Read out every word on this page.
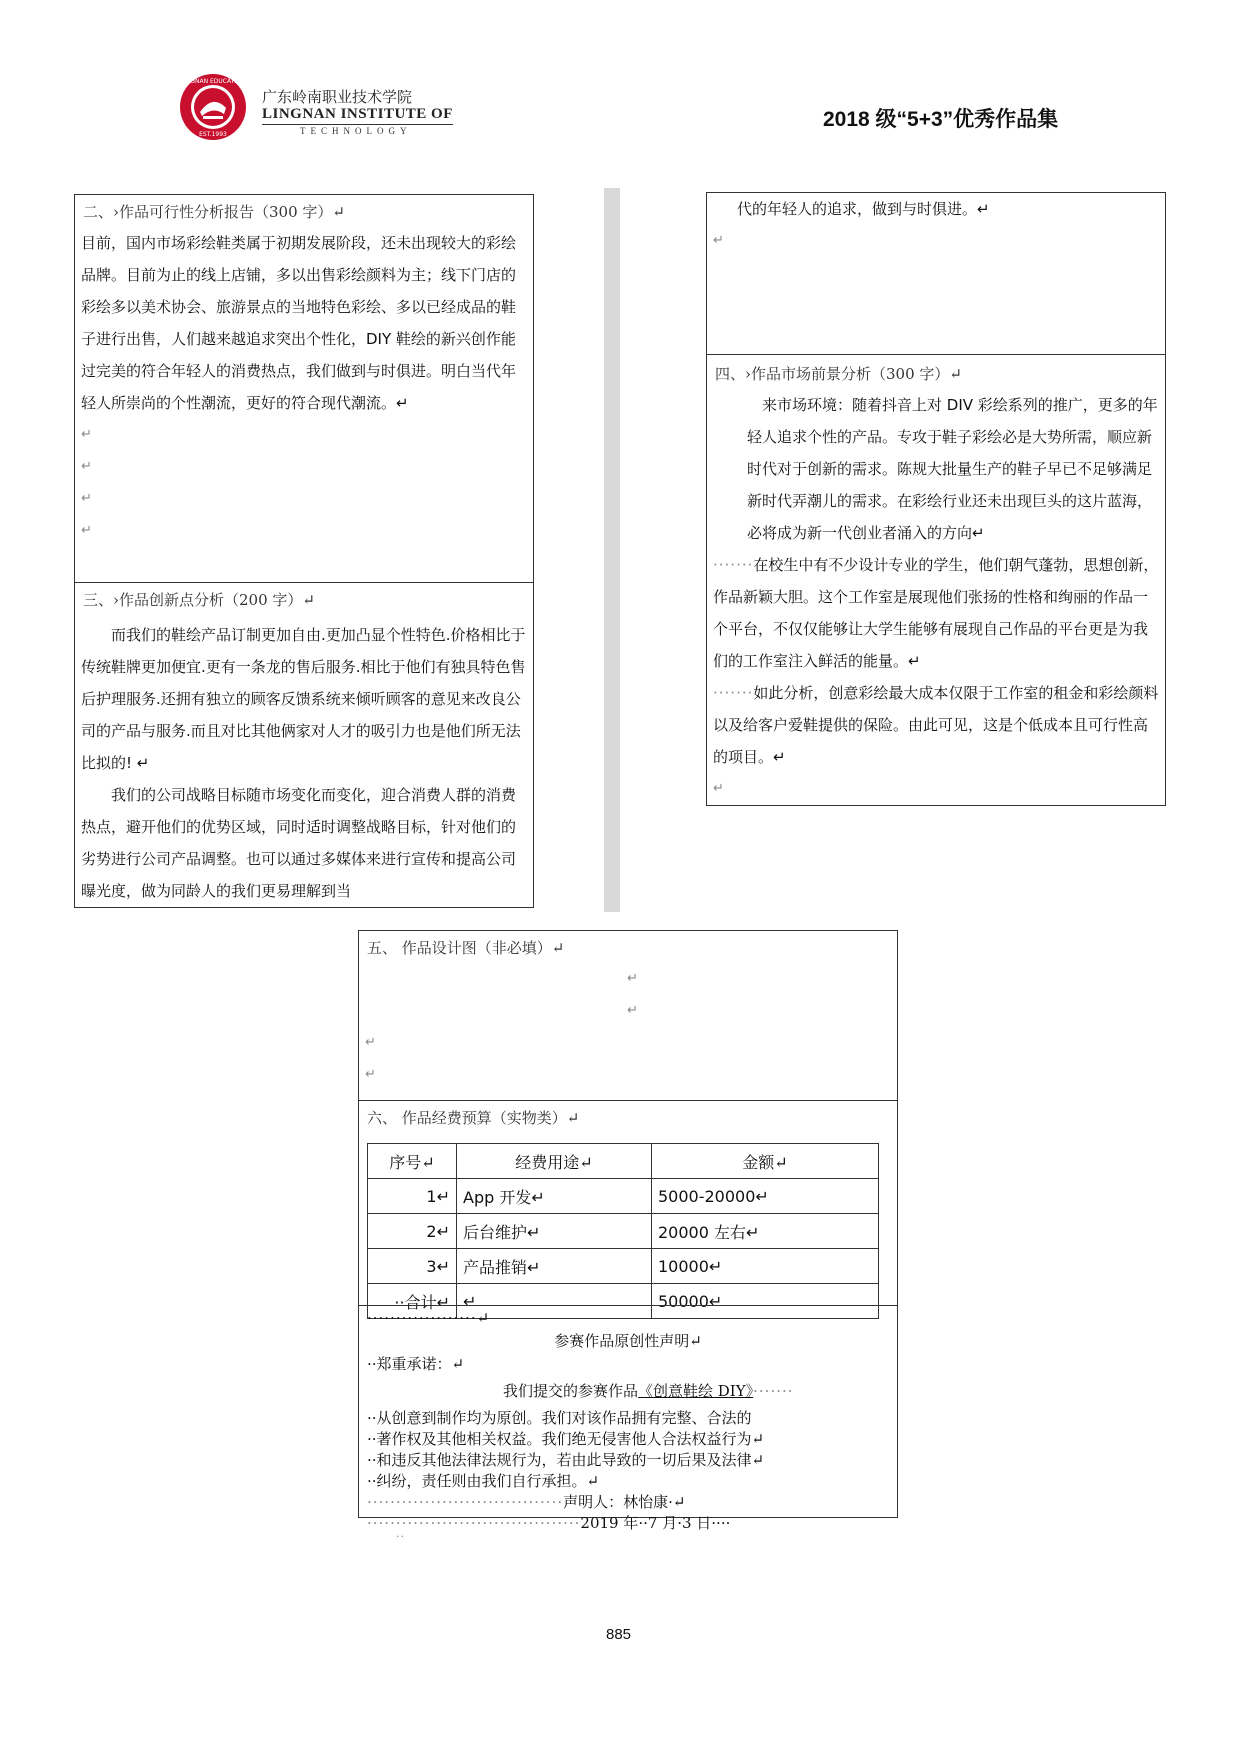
LINGNAN EDUCATION
EST.1993
广东岭南职业技术学院
LINGNAN INSTITUTE OF
TECHNOLOGY	2018 级“5+3”优秀作品集
二、›作品可行性分析报告（300 字）↵

目前，国内市场彩绘鞋类属于初期发展阶段，还未出现较大的彩绘品牌。目前为止的线上店铺，多以出售彩绘颜料为主；线下门店的彩绘多以美术协会、旅游景点的当地特色彩绘、多以已经成品的鞋子进行出售，人们越来越追求突出个性化，DIY 鞋绘的新兴创作能过完美的符合年轻人的消费热点，我们做到与时俱进。明白当代年轻人所崇尚的个性潮流，更好的符合现代潮流。↵

↵
↵
↵
↵
三、›作品创新点分析（200 字）↵

而我们的鞋绘产品订制更加自由.更加凸显个性特色.价格相比于传统鞋牌更加便宜.更有一条龙的售后服务.相比于他们有独具特色售后护理服务.还拥有独立的顾客反馈系统来倾听顾客的意见来改良公司的产品与服务.而且对比其他俩家对人才的吸引力也是他们所无法比拟的! ↵

我们的公司战略目标随市场变化而变化，迎合消费人群的消费热点，避开他们的优势区域，同时适时调整战略目标，针对他们的劣势进行公司产品调整。也可以通过多媒体来进行宣传和提高公司曝光度，做为同龄人的我们更易理解到当

代的年轻人的追求，做到与时俱进。↵

↵
四、›作品市场前景分析（300 字）↵

来市场环境：随着抖音上对 DIV 彩绘系列的推广，更多的年轻人追求个性的产品。专攻于鞋子彩绘必是大势所需，顺应新时代对于创新的需求。陈规大批量生产的鞋子早已不足够满足新时代弄潮儿的需求。在彩绘行业还未出现巨头的这片蓝海，必将成为新一代创业者涌入的方向↵

·······在校生中有不少设计专业的学生，他们朝气蓬勃，思想创新，作品新颖大胆。这个工作室是展现他们张扬的性格和绚丽的作品一个平台，不仅仅能够让大学生能够有展现自己作品的平台更是为我们的工作室注入鲜活的能量。↵

·······如此分析，创意彩绘最大成本仅限于工作室的租金和彩绘颜料以及给客户爱鞋提供的保险。由此可见，这是个低成本且可行性高的项目。↵

↵
五、 作品设计图（非必填）↵
↵
↵
↵
↵
六、 作品经费预算（实物类）↵
序号↵	经费用途↵	金额↵
1↵	App 开发↵	5000-20000↵
2↵	后台维护↵	20000 左右↵
3↵	产品推销↵	10000↵
··合计↵	↵	50000↵
···················↵
参赛作品原创性声明↵
··郑重承诺：↵
我们提交的参赛作品《创意鞋绘 DIY》·······
··从创意到制作均为原创。我们对该作品拥有完整、合法的
··著作权及其他相关权益。我们绝无侵害他人合法权益行为↵
··和违反其他法律法规行为，若由此导致的一切后果及法律↵
··纠纷，责任则由我们自行承担。↵
··································声明人：林怡康·↵
·····································2019 年··7 月·3 日····
··
885
